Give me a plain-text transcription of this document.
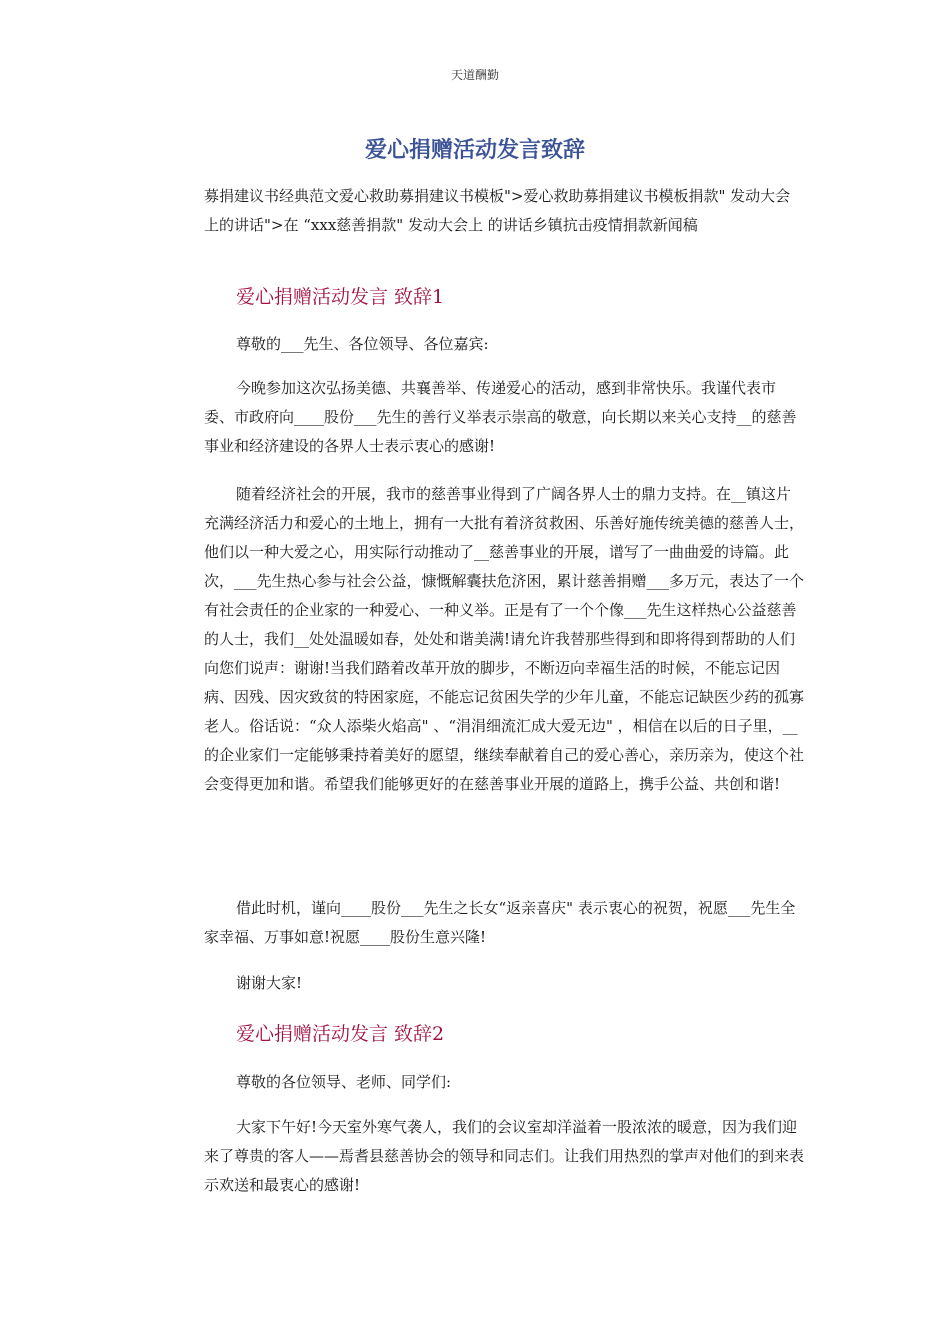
天道酬勤
爱心捐赠活动发言致辞

募捐建议书经典范文爱心救助募捐建议书模板">爱心救助募捐建议书模板捐款" 发动大会上的讲话">在 “xxx慈善捐款" 发动大会上 的讲话乡镇抗击疫情捐款新闻稿

爱心捐赠活动发言 致辞1

尊敬的___先生、各位领导、各位嘉宾:

今晚参加这次弘扬美德、共襄善举、传递爱心的活动，感到非常快乐。我谨代表市委、市政府向____股份___先生的善行义举表示崇高的敬意，向长期以来关心支持__的慈善事业和经济建设的各界人士表示衷心的感谢!

随着经济社会的开展，我市的慈善事业得到了广阔各界人士的鼎力支持。在__镇这片充满经济活力和爱心的土地上，拥有一大批有着济贫救困、乐善好施传统美德的慈善人士，他们以一种大爱之心，用实际行动推动了__慈善事业的开展，谱写了一曲曲爱的诗篇。此次，___先生热心参与社会公益，慷慨解囊扶危济困，累计慈善捐赠___多万元，表达了一个有社会责任的企业家的一种爱心、一种义举。正是有了一个个像___先生这样热心公益慈善的人士，我们__处处温暖如春，处处和谐美满!请允许我替那些得到和即将得到帮助的人们向您们说声：谢谢!当我们踏着改革开放的脚步，不断迈向幸福生活的时候，不能忘记因病、因残、因灾致贫的特困家庭，不能忘记贫困失学的少年儿童，不能忘记缺医少药的孤寡老人。俗话说：“众人添柴火焰高" 、“涓涓细流汇成大爱无边" ，相信在以后的日子里，__的企业家们一定能够秉持着美好的愿望，继续奉献着自己的爱心善心，亲历亲为，使这个社会变得更加和谐。希望我们能够更好的在慈善事业开展的道路上，携手公益、共创和谐!

借此时机，谨向____股份___先生之长女“返亲喜庆" 表示衷心的祝贺，祝愿___先生全家幸福、万事如意!祝愿____股份生意兴隆!

谢谢大家!

爱心捐赠活动发言 致辞2

尊敬的各位领导、老师、同学们:

大家下午好!今天室外寒气袭人，我们的会议室却洋溢着一股浓浓的暖意，因为我们迎来了尊贵的客人——焉耆县慈善协会的领导和同志们。让我们用热烈的掌声对他们的到来表示欢送和最衷心的感谢!
